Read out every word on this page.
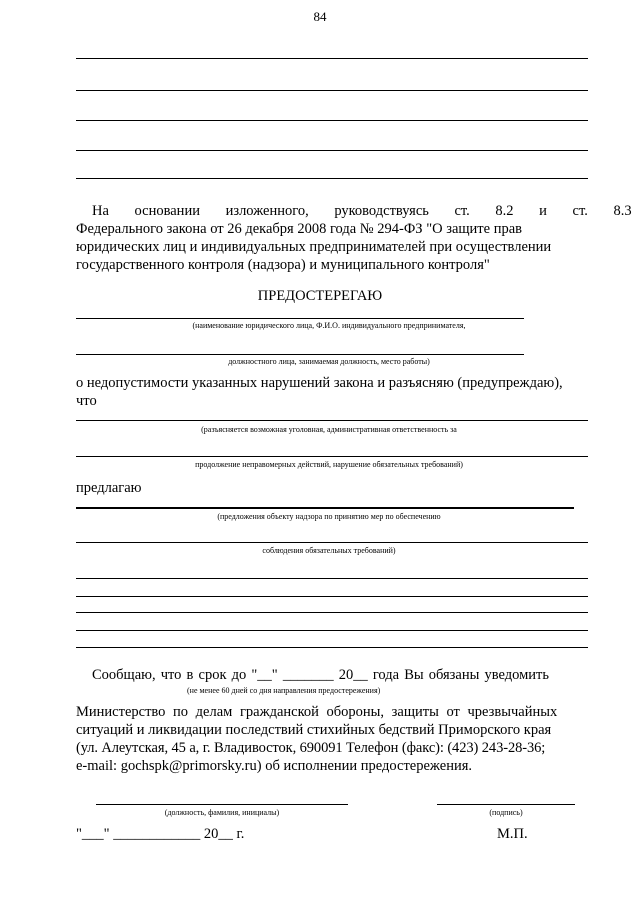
84
На основании изложенного, руководствуясь ст. 8.2 и ст. 8.3
Федерального закона от 26 декабря 2008 года № 294-ФЗ "О защите прав
юридических лиц и индивидуальных предпринимателей при осуществлении
государственного контроля (надзора) и муниципального контроля"
ПРЕДОСТЕРЕГАЮ
(наименование юридического лица, Ф.И.О. индивидуального предпринимателя,
должностного лица, занимаемая должность, место работы)
о недопустимости указанных нарушений закона и разъясняю (предупреждаю),
что
(разъясняется возможная уголовная, административная ответственность за
продолжение неправомерных действий, нарушение обязательных требований)
предлагаю
(предложения объекту надзора по принятию мер по обеспечению
соблюдения обязательных требований)
Сообщаю, что в срок до "__" _______ 20__ года Вы обязаны уведомить
(не менее 60 дней со дня направления предостережения)
Министерство по делам гражданской обороны, защиты от чрезвычайных
ситуаций и ликвидации последствий стихийных бедствий Приморского края
(ул. Алеутская, 45 а, г. Владивосток, 690091 Телефон (факс): (423) 243-28-36;
e-mail: gochspk@primorsky.ru) об исполнении предостережения.
(должность, фамилия, инициалы)	(подпись)
"___" ____________ 20__ г.	М.П.
